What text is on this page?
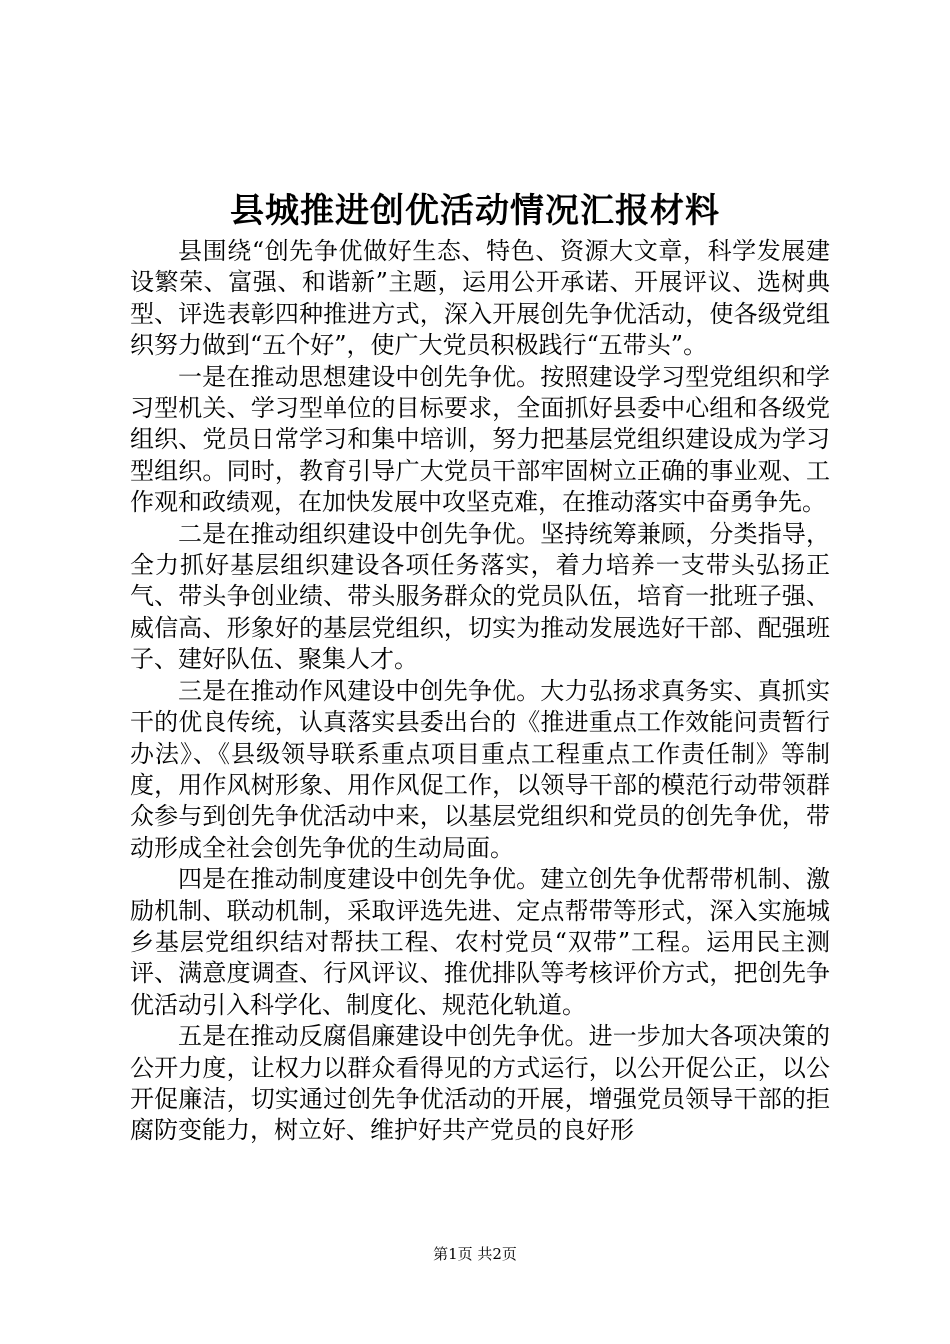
县城推进创优活动情况汇报材料

县围绕“创先争优做好生态、特色、资源大文章，科学发展建设繁荣、富强、和谐新”主题，运用公开承诺、开展评议、选树典型、评选表彰四种推进方式，深入开展创先争优活动，使各级党组织努力做到“五个好”，使广大党员积极践行“五带头”。

一是在推动思想建设中创先争优。按照建设学习型党组织和学习型机关、学习型单位的目标要求，全面抓好县委中心组和各级党组织、党员日常学习和集中培训，努力把基层党组织建设成为学习型组织。同时，教育引导广大党员干部牢固树立正确的事业观、工作观和政绩观，在加快发展中攻坚克难，在推动落实中奋勇争先。

二是在推动组织建设中创先争优。坚持统筹兼顾，分类指导，全力抓好基层组织建设各项任务落实，着力培养一支带头弘扬正气、带头争创业绩、带头服务群众的党员队伍，培育一批班子强、威信高、形象好的基层党组织，切实为推动发展选好干部、配强班子、建好队伍、聚集人才。

三是在推动作风建设中创先争优。大力弘扬求真务实、真抓实干的优良传统，认真落实县委出台的《推进重点工作效能问责暂行办法》、《县级领导联系重点项目重点工程重点工作责任制》等制度，用作风树形象、用作风促工作，以领导干部的模范行动带领群众参与到创先争优活动中来，以基层党组织和党员的创先争优，带动形成全社会创先争优的生动局面。

四是在推动制度建设中创先争优。建立创先争优帮带机制、激励机制、联动机制，采取评选先进、定点帮带等形式，深入实施城乡基层党组织结对帮扶工程、农村党员“双带”工程。运用民主测评、满意度调查、行风评议、推优排队等考核评价方式，把创先争优活动引入科学化、制度化、规范化轨道。

五是在推动反腐倡廉建设中创先争优。进一步加大各项决策的公开力度，让权力以群众看得见的方式运行，以公开促公正，以公开促廉洁，切实通过创先争优活动的开展，增强党员领导干部的拒腐防变能力，树立好、维护好共产党员的良好形

第1页 共2页
